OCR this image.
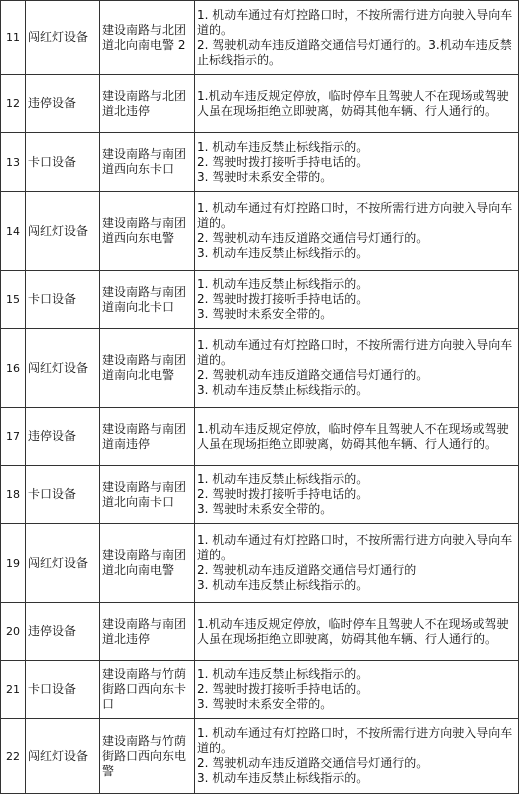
11	闯红灯设备	建设南路与北团道北向南电警 2	1. 机动车通过有灯控路口时，不按所需行进方向驶入导向车道的。
2. 驾驶机动车违反道路交通信号灯通行的。3.机动车违反禁止标线指示的。

12	违停设备	建设南路与北团道北违停	1.机动车违反规定停放，临时停车且驾驶人不在现场或驾驶人虽在现场拒绝立即驶离，妨碍其他车辆、行人通行的。

13	卡口设备	建设南路与南团道西向东卡口	1. 机动车违反禁止标线指示的。
2. 驾驶时拨打接听手持电话的。
3. 驾驶时未系安全带的。

14	闯红灯设备	建设南路与南团道西向东电警	1. 机动车通过有灯控路口时，不按所需行进方向驶入导向车道的。
2. 驾驶机动车违反道路交通信号灯通行的。
3. 机动车违反禁止标线指示的。

15	卡口设备	建设南路与南团道南向北卡口	1. 机动车违反禁止标线指示的。
2. 驾驶时拨打接听手持电话的。
3. 驾驶时未系安全带的。

16	闯红灯设备	建设南路与南团道南向北电警	1. 机动车通过有灯控路口时，不按所需行进方向驶入导向车道的。
2. 驾驶机动车违反道路交通信号灯通行的。
3. 机动车违反禁止标线指示的。

17	违停设备	建设南路与南团道南违停	1.机动车违反规定停放，临时停车且驾驶人不在现场或驾驶人虽在现场拒绝立即驶离，妨碍其他车辆、行人通行的。

18	卡口设备	建设南路与南团道北向南卡口	1. 机动车违反禁止标线指示的。
2. 驾驶时拨打接听手持电话的。
3. 驾驶时未系安全带的。

19	闯红灯设备	建设南路与南团道北向南电警	1. 机动车通过有灯控路口时，不按所需行进方向驶入导向车道的。
2. 驾驶机动车违反道路交通信号灯通行的
3. 机动车违反禁止标线指示的。

20	违停设备	建设南路与南团道北违停	1.机动车违反规定停放，临时停车且驾驶人不在现场或驾驶人虽在现场拒绝立即驶离，妨碍其他车辆、行人通行的。

21	卡口设备	建设南路与竹荫街路口西向东卡口	1. 机动车违反禁止标线指示的。
2. 驾驶时拨打接听手持电话的。
3. 驾驶时未系安全带的。

22	闯红灯设备	建设南路与竹荫街路口西向东电警	1. 机动车通过有灯控路口时，不按所需行进方向驶入导向车道的。
2. 驾驶机动车违反道路交通信号灯通行的。
3. 机动车违反禁止标线指示的。
